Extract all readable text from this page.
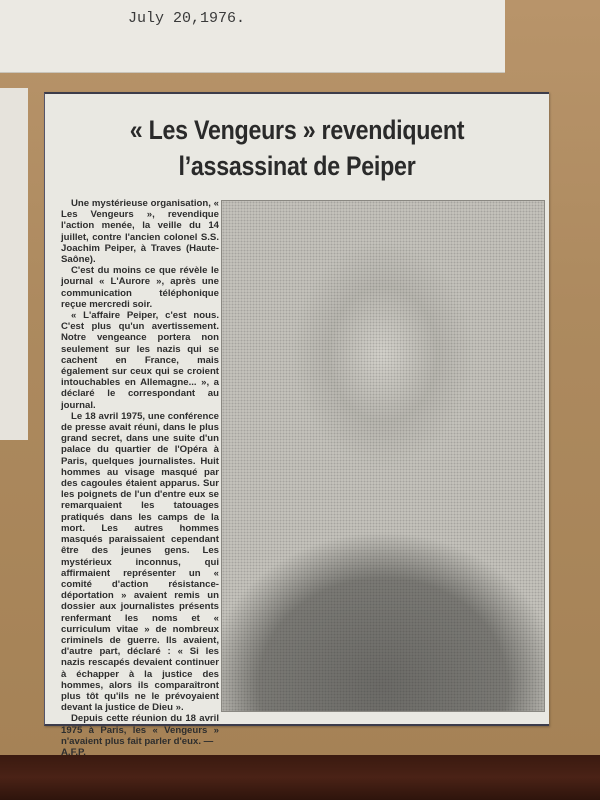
July 20,1976.
« Les Vengeurs » revendiquent
l’assassinat de Peiper

Une mystérieuse organisation, « Les Vengeurs », revendique l'action menée, la veille du 14 juillet, contre l'ancien colonel S.S. Joachim Peiper, à Traves (Haute-Saône).

C'est du moins ce que révèle le journal « L'Aurore », après une communication téléphonique reçue mercredi soir.

« L'affaire Peiper, c'est nous. C'est plus qu'un avertissement. Notre vengeance portera non seulement sur les nazis qui se cachent en France, mais également sur ceux qui se croient intouchables en Allemagne... », a déclaré le correspondant au journal.

Le 18 avril 1975, une conférence de presse avait réuni, dans le plus grand secret, dans une suite d'un palace du quartier de l'Opéra à Paris, quelques journalistes. Huit hommes au visage masqué par des cagoules étaient apparus. Sur les poignets de l'un d'entre eux se remarquaient les tatouages pratiqués dans les camps de la mort. Les autres hommes masqués paraissaient cependant être des jeunes gens. Les mystérieux inconnus, qui affirmaient représenter un « comité d'action résistance-déportation » avaient remis un dossier aux journalistes présents renfermant les noms et « curriculum vitae » de nombreux criminels de guerre. Ils avaient, d'autre part, déclaré : « Si les nazis rescapés devaient continuer à échapper à la justice des hommes, alors ils comparaîtront plus tôt qu'ils ne le prévoyaient devant la justice de Dieu ».

Depuis cette réunion du 18 avril 1975 à Paris, les « Vengeurs » n'avaient plus fait parler d'eux. —

A.F.P.
